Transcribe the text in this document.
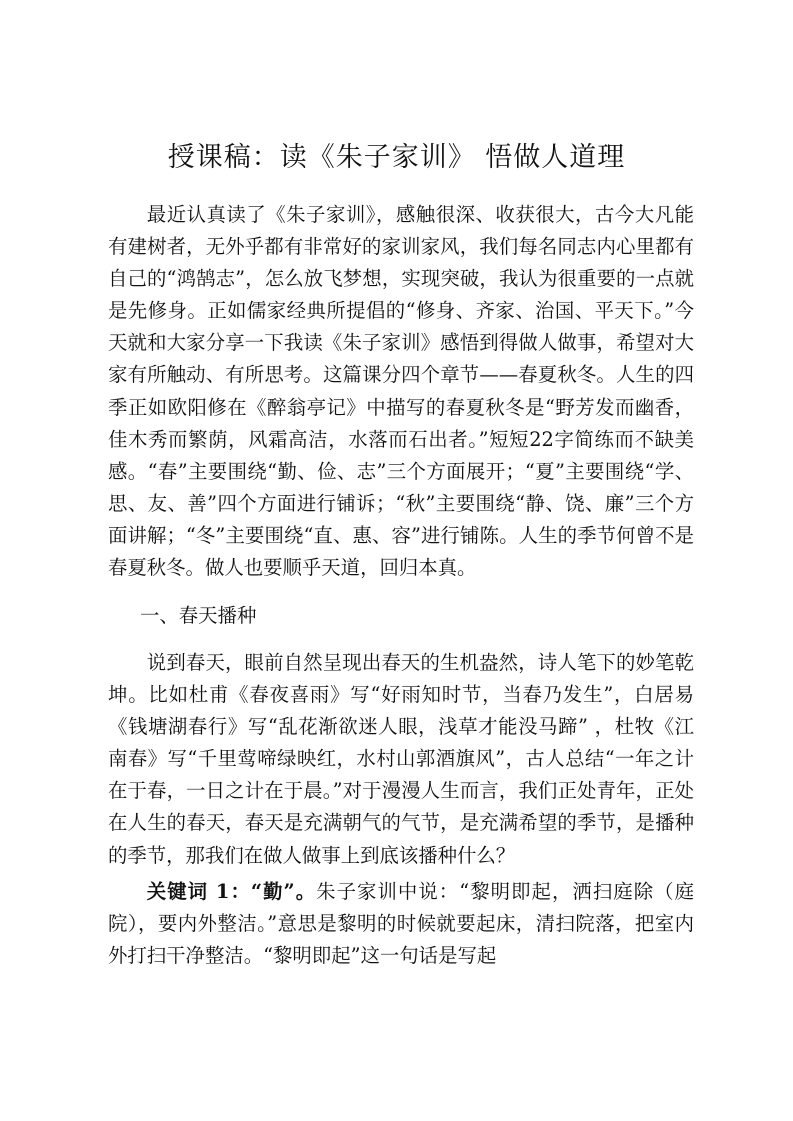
授课稿：读《朱子家训》 悟做人道理

最近认真读了《朱子家训》，感触很深、收获很大，古今大凡能有建树者，无外乎都有非常好的家训家风，我们每名同志内心里都有自己的“鸿鹄志”，怎么放飞梦想，实现突破，我认为很重要的一点就是先修身。正如儒家经典所提倡的“修身、齐家、治国、平天下。”今天就和大家分享一下我读《朱子家训》感悟到得做人做事，希望对大家有所触动、有所思考。这篇课分四个章节——春夏秋冬。人生的四季正如欧阳修在《醉翁亭记》中描写的春夏秋冬是“野芳发而幽香，佳木秀而繁荫，风霜高洁，水落而石出者。”短短22字简练而不缺美感。“春”主要围绕“勤、俭、志”三个方面展开；“夏”主要围绕“学、思、友、善”四个方面进行铺诉；“秋”主要围绕“静、饶、廉”三个方面讲解；“冬”主要围绕“直、惠、容”进行铺陈。人生的季节何曾不是春夏秋冬。做人也要顺乎天道，回归本真。

一、春天播种

说到春天，眼前自然呈现出春天的生机盎然，诗人笔下的妙笔乾坤。比如杜甫《春夜喜雨》写“好雨知时节，当春乃发生”，白居易《钱塘湖春行》写“乱花渐欲迷人眼，浅草才能没马蹄” ，杜牧《江南春》写“千里莺啼绿映红，水村山郭酒旗风”，古人总结“一年之计在于春，一日之计在于晨。”对于漫漫人生而言，我们正处青年，正处在人生的春天，春天是充满朝气的气节，是充满希望的季节，是播种的季节，那我们在做人做事上到底该播种什么？

关键词 1：“勤”。朱子家训中说：“黎明即起，洒扫庭除（庭院），要内外整洁。”意思是黎明的时候就要起床，清扫院落，把室内外打扫干净整洁。“黎明即起”这一句话是写起
